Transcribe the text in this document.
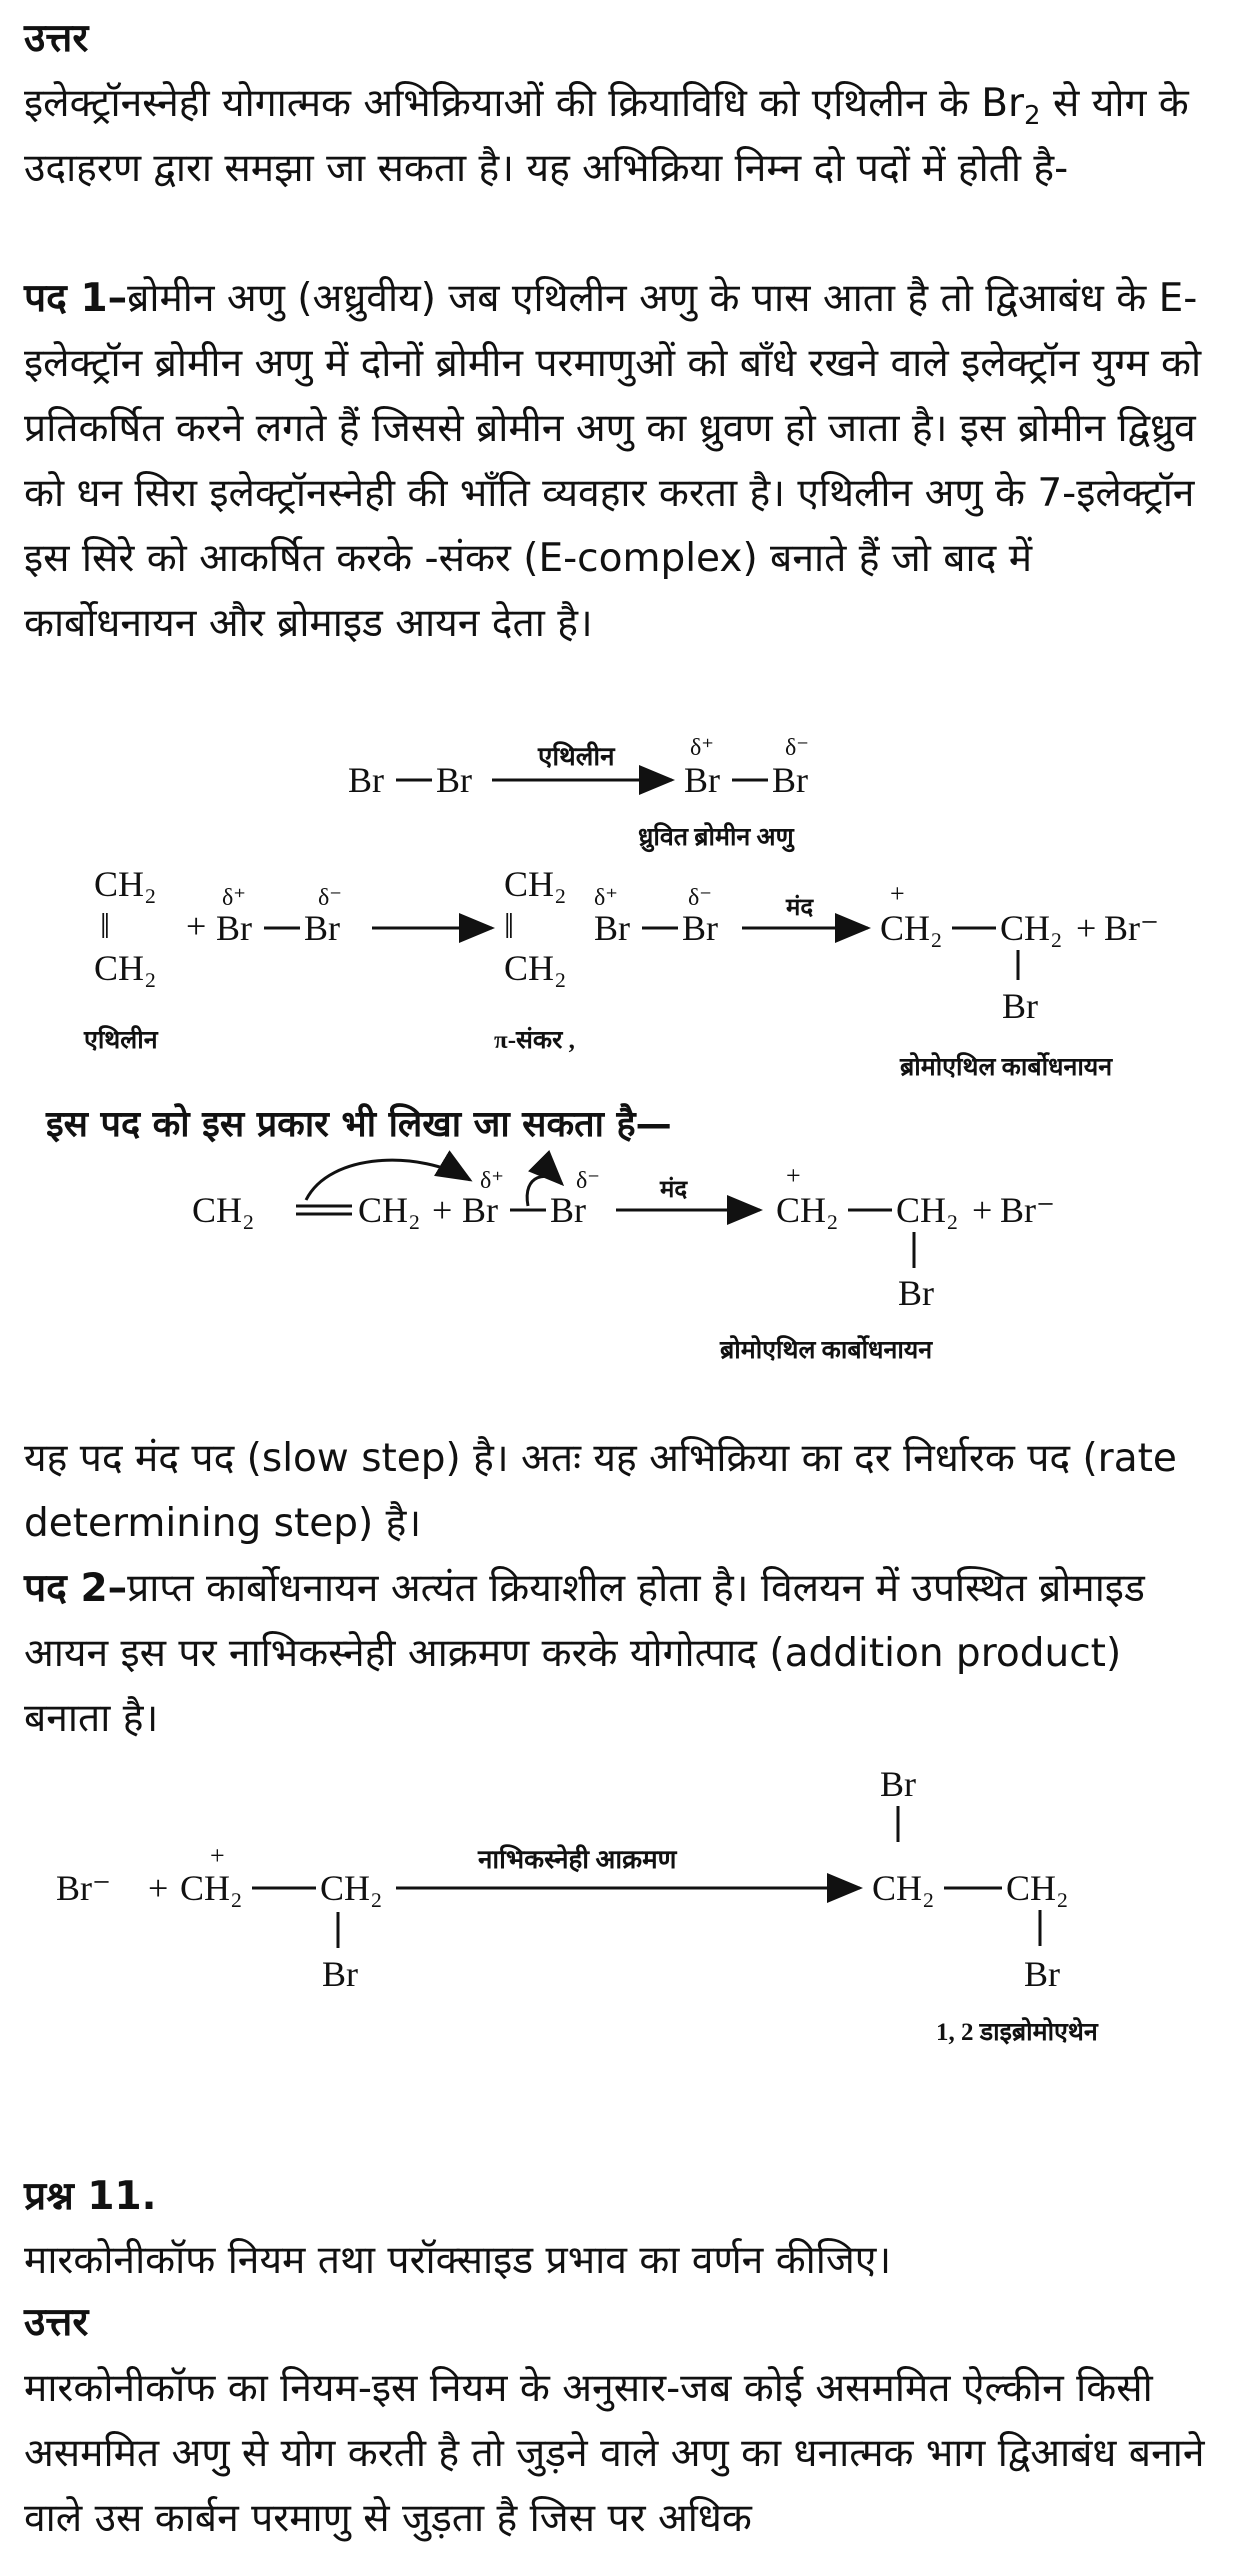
उत्तर

इलेक्ट्रॉनस्नेही योगात्मक अभिक्रियाओं की क्रियाविधि को एथिलीन के $Br_2$ से योग के उदाहरण द्वारा समझा जा सकता है। यह अभिक्रिया निम्न दो पदों में होती है-

पद 1–ब्रोमीन अणु (अध्रुवीय) जब एथिलीन अणु के पास आता है तो द्विआबंध के E-इलेक्ट्रॉन ब्रोमीन अणु में दोनों ब्रोमीन परमाणुओं को बाँधे रखने वाले इलेक्ट्रॉन युग्म को प्रतिकर्षित करने लगते हैं जिससे ब्रोमीन अणु का ध्रुवण हो जाता है। इस ब्रोमीन द्विध्रुव को धन सिरा इलेक्ट्रॉनस्नेही की भाँति व्यवहार करता है। एथिलीन अणु के 7-इलेक्ट्रॉन इस सिरे को आकर्षित करके -संकर (E-complex) बनाते हैं जो बाद में कार्बोधनायन और ब्रोमाइड आयन देता है।

Br Br
एथिलीन	δ⁺	δ⁻
Br Br
ध्रुवित ब्रोमीन अणु
CH₂
‖
CH₂
+
δ⁺	δ⁻
Br Br
CH₂
‖
CH₂
δ⁺	δ⁻
Br Br	मंद	+
CH₂ CH₂ + Br⁻
Br
एथिलीन	π-संकर ,
ब्रोमोएथिल कार्बोधनायन
इस पद को इस प्रकार भी लिखा जा सकता है—
CH₂	CH₂ +
δ⁺	δ⁻
Br Br	मंद	+
CH₂ CH₂ + Br⁻
Br
ब्रोमोएथिल कार्बोधनायन

यह पद मंद पद (slow step) है। अतः यह अभिक्रिया का दर निर्धारक पद (rate determining step) है।

पद 2–प्राप्त कार्बोधनायन अत्यंत क्रियाशील होता है। विलयन में उपस्थित ब्रोमाइड आयन इस पर नाभिकस्नेही आक्रमण करके योगोत्पाद (addition product) बनाता है।

Br
+
Br⁻ + CH₂ CH₂
Br
नाभिकस्नेही आक्रमण
CH₂ CH₂
Br
1, 2 डाइब्रोमोएथेन

प्रश्न 11.

मारकोनीकॉफ नियम तथा परॉक्साइड प्रभाव का वर्णन कीजिए।

उत्तर

मारकोनीकॉफ का नियम-इस नियम के अनुसार-जब कोई असममित ऐल्कीन किसी असममित अणु से योग करती है तो जुड़ने वाले अणु का धनात्मक भाग द्विआबंध बनाने वाले उस कार्बन परमाणु से जुड़ता है जिस पर अधिक
